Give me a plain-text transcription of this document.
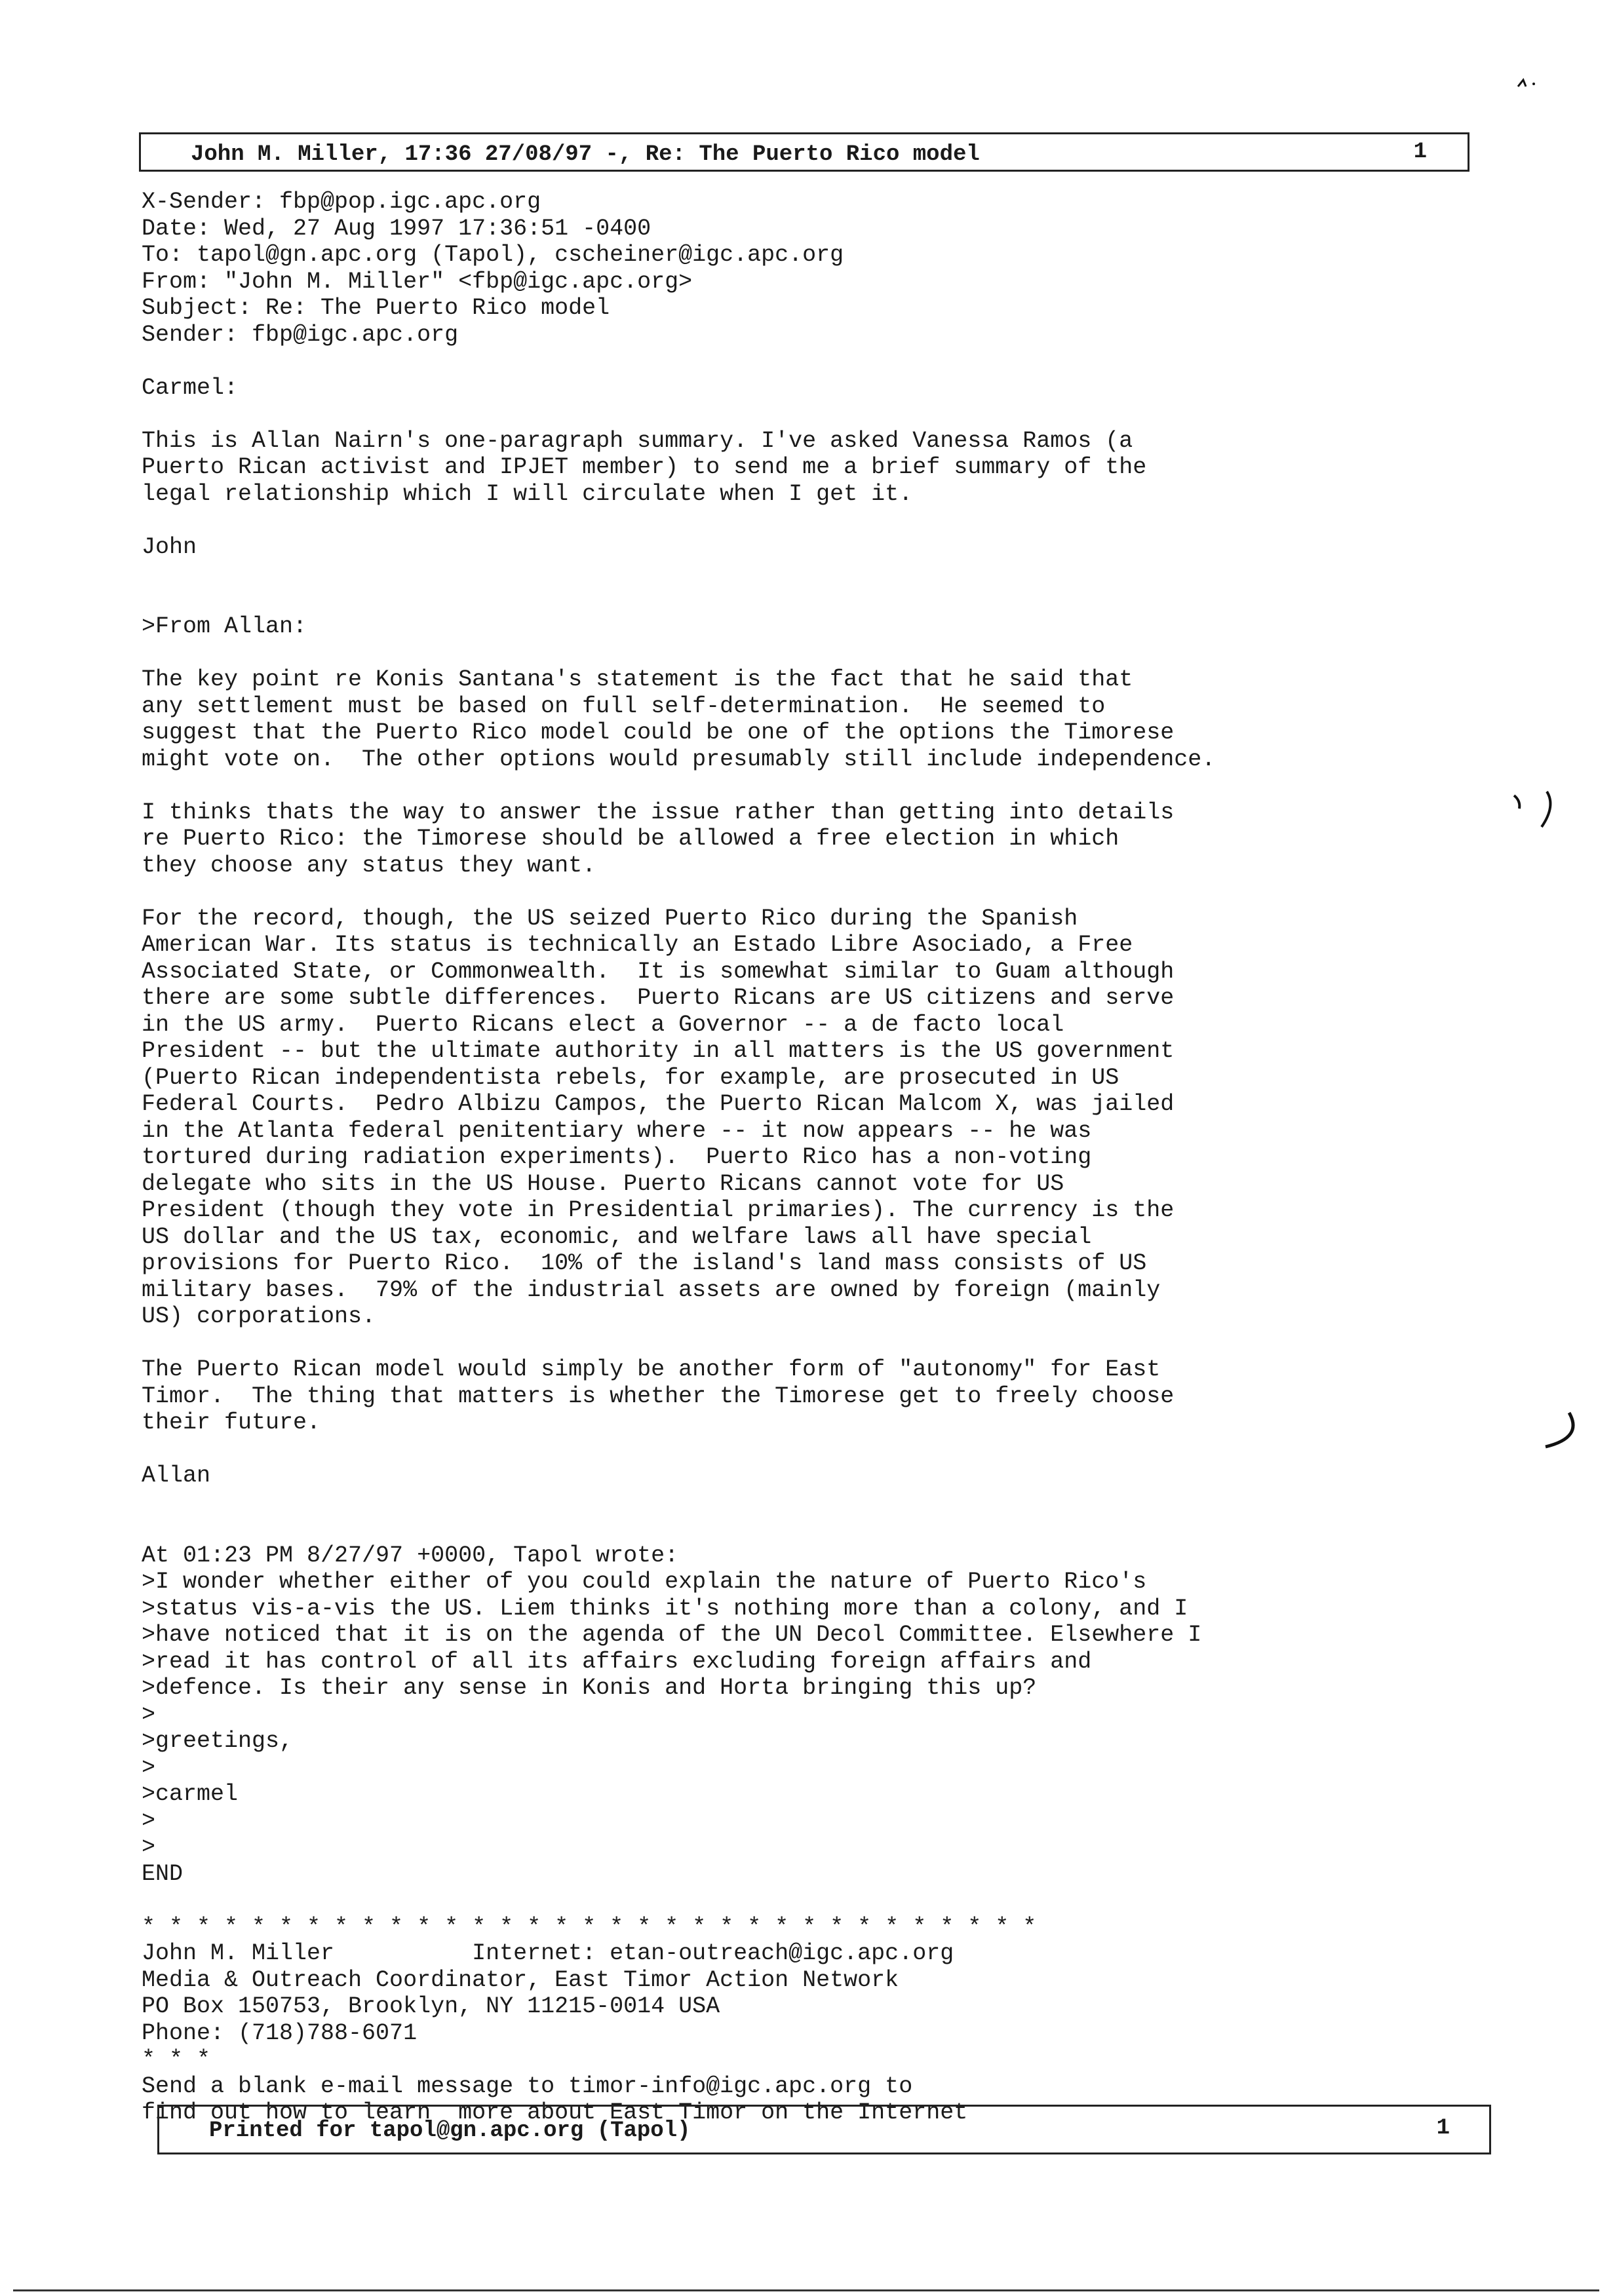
John M. Miller, 17:36 27/08/97 -, Re: The Puerto Rico model	1
X-Sender: fbp@pop.igc.apc.org
Date: Wed, 27 Aug 1997 17:36:51 -0400
To: tapol@gn.apc.org (Tapol), cscheiner@igc.apc.org
From: "John M. Miller" <fbp@igc.apc.org>
Subject: Re: The Puerto Rico model
Sender: fbp@igc.apc.org
Carmel:
This is Allan Nairn's one-paragraph summary. I've asked Vanessa Ramos (a
Puerto Rican activist and IPJET member) to send me a brief summary of the
legal relationship which I will circulate when I get it.
John
>From Allan:
The key point re Konis Santana's statement is the fact that he said that
any settlement must be based on full self-determination.  He seemed to
suggest that the Puerto Rico model could be one of the options the Timorese
might vote on.  The other options would presumably still include independence.
I thinks thats the way to answer the issue rather than getting into details
re Puerto Rico: the Timorese should be allowed a free election in which
they choose any status they want.
For the record, though, the US seized Puerto Rico during the Spanish
American War. Its status is technically an Estado Libre Asociado, a Free
Associated State, or Commonwealth.  It is somewhat similar to Guam although
there are some subtle differences.  Puerto Ricans are US citizens and serve
in the US army.  Puerto Ricans elect a Governor -- a de facto local
President -- but the ultimate authority in all matters is the US government
(Puerto Rican independentista rebels, for example, are prosecuted in US
Federal Courts.  Pedro Albizu Campos, the Puerto Rican Malcom X, was jailed
in the Atlanta federal penitentiary where -- it now appears -- he was
tortured during radiation experiments).  Puerto Rico has a non-voting
delegate who sits in the US House. Puerto Ricans cannot vote for US
President (though they vote in Presidential primaries). The currency is the
US dollar and the US tax, economic, and welfare laws all have special
provisions for Puerto Rico.  10% of the island's land mass consists of US
military bases.  79% of the industrial assets are owned by foreign (mainly
US) corporations.
The Puerto Rican model would simply be another form of "autonomy" for East
Timor.  The thing that matters is whether the Timorese get to freely choose
their future.
Allan
At 01:23 PM 8/27/97 +0000, Tapol wrote:
>I wonder whether either of you could explain the nature of Puerto Rico's
>status vis-a-vis the US. Liem thinks it's nothing more than a colony, and I
>have noticed that it is on the agenda of the UN Decol Committee. Elsewhere I
>read it has control of all its affairs excluding foreign affairs and
>defence. Is their any sense in Konis and Horta bringing this up?
>
>greetings,
>
>carmel
>
>
END
* * * * * * * * * * * * * * * * * * * * * * * * * * * * * * * * *
John M. Miller          Internet: etan-outreach@igc.apc.org
Media & Outreach Coordinator, East Timor Action Network
PO Box 150753, Brooklyn, NY 11215-0014 USA
Phone: (718)788-6071
* * *
Send a blank e-mail message to timor-info@igc.apc.org to
find out how to learn  more about East Timor on the Internet
Printed for tapol@gn.apc.org (Tapol)	1
